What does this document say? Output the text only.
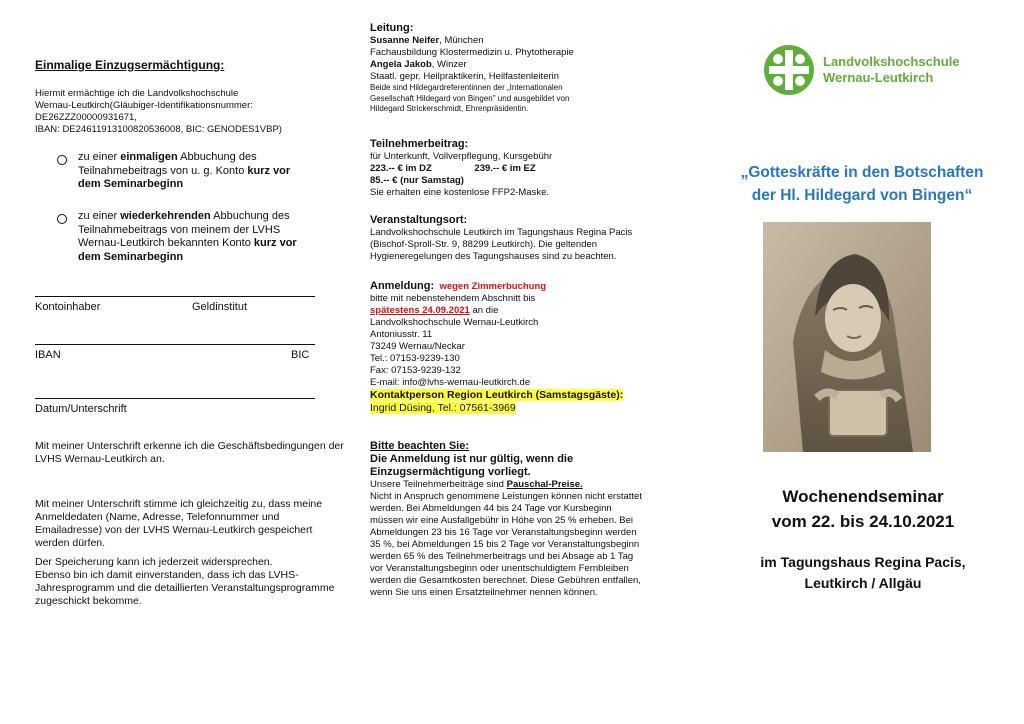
Einmalige Einzugsermächtigung:
Hiermit ermächtige ich die Landvolkshochschule
Wernau-Leutkirch(Gläubiger-Identifikationsnummer:
DE26ZZZ00000931671,
IBAN: DE24611913100820536008, BIC: GENODES1VBP)
zu einer einmaligen Abbuchung des Teilnahmebeitrags von u. g. Konto kurz vor dem Seminarbeginn
zu einer wiederkehrenden Abbuchung des Teilnahmebeitrags von meinem der LVHS Wernau-Leutkirch bekannten Konto kurz vor dem Seminarbeginn
Kontoinhaber	Geldinstitut
IBAN	BIC
Datum/Unterschrift
Mit meiner Unterschrift erkenne ich die Geschäftsbedingungen der LVHS Wernau-Leutkirch an.
Mit meiner Unterschrift stimme ich gleichzeitig zu, dass meine Anmeldedaten (Name, Adresse, Telefonnummer und Emailadresse) von der LVHS Wernau-Leutkirch gespeichert werden dürfen.
Der Speicherung kann ich jederzeit widersprechen.
Ebenso bin ich damit einverstanden, dass ich das LVHS-Jahresprogramm und die detaillierten Veranstaltungsprogramme zugeschickt bekomme.
Leitung:
Susanne Neifer, München
Fachausbildung Klostermedizin u. Phytotherapie
Angela Jakob, Winzer
Staatl. gepr. Heilpraktikerin, Heilfastenleiterin
Beide sind Hildegardreferentinnen der „Internationalen
Gesellschaft Hildegard von Bingen" und ausgebildet von
Hildegard Strickerschmidt, Ehrenpräsidentin.
Teilnehmerbeitrag:
für Unterkunft, Vollverpflegung, Kursgebühr
223.-- € im DZ	239.-- € im EZ
85.-- € (nur Samstag)
Sie erhalten eine kostenlose FFP2-Maske.
Veranstaltungsort:
Landvolkshochschule Leutkirch im Tagungshaus Regina Pacis (Bischof-Sproll-Str. 9, 88299 Leutkirch). Die geltenden Hygieneregelungen des Tagungshauses sind zu beachten.
Anmeldung: wegen Zimmerbuchung
bitte mit nebenstehendem Abschnitt bis
spätestens 24.09.2021 an die
Landvolkshochschule Wernau-Leutkirch
Antoniusstr. 11
73249 Wernau/Neckar
Tel.: 07153-9239-130
Fax: 07153-9239-132
E-mail: info@lvhs-wernau-leutkirch.de
Kontaktperson Region Leutkirch (Samstagsgäste):
Ingrid Düsing, Tel.: 07561-3969
Bitte beachten Sie:
Die Anmeldung ist nur gültig, wenn die
Einzugsermächtigung vorliegt.
Unsere Teilnehmerbeiträge sind Pauschal-Preise.
Nicht in Anspruch genommene Leistungen können nicht erstattet werden. Bei Abmeldungen 44 bis 24 Tage vor Kursbeginn müssen wir eine Ausfallgebühr in Höhe von 25 % erheben. Bei Abmeldungen 23 bis 16 Tage vor Veranstaltungsbeginn werden 35 %, bei Abmeldungen 15 bis 2 Tage vor Veranstaltungsbeginn werden 65 % des Teilnehmerbeitrags und bei Absage ab 1 Tag vor Veranstaltungsbeginn oder unentschuldigtem Fernbleiben werden die Gesamtkosten berechnet. Diese Gebühren entfallen, wenn Sie uns einen Ersatzteilnehmer nennen können.
Landvolkshochschule
Wernau-Leutkirch
„Gotteskräfte in den Botschaften
der Hl. Hildegard von Bingen“
Wochenendseminar
vom 22. bis 24.10.2021
im Tagungshaus Regina Pacis,
Leutkirch / Allgäu
